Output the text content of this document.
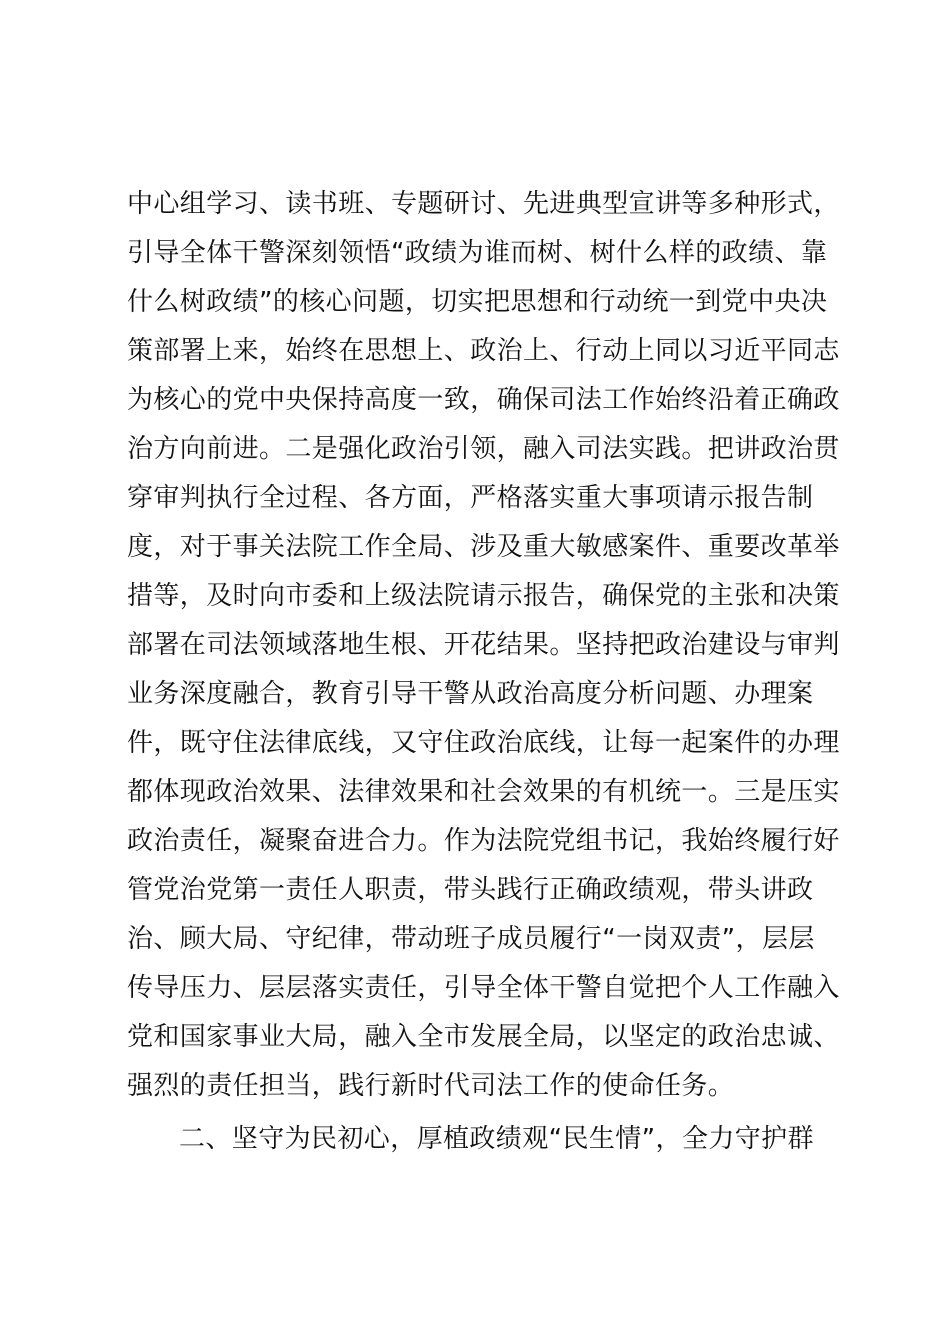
中心组学习、读书班、专题研讨、先进典型宣讲等多种形式，
引导全体干警深刻领悟“政绩为谁而树、树什么样的政绩、靠
什么树政绩”的核心问题，切实把思想和行动统一到党中央决
策部署上来，始终在思想上、政治上、行动上同以习近平同志
为核心的党中央保持高度一致，确保司法工作始终沿着正确政
治方向前进。二是强化政治引领，融入司法实践。把讲政治贯
穿审判执行全过程、各方面，严格落实重大事项请示报告制
度，对于事关法院工作全局、涉及重大敏感案件、重要改革举
措等，及时向市委和上级法院请示报告，确保党的主张和决策
部署在司法领域落地生根、开花结果。坚持把政治建设与审判
业务深度融合，教育引导干警从政治高度分析问题、办理案
件，既守住法律底线，又守住政治底线，让每一起案件的办理
都体现政治效果、法律效果和社会效果的有机统一。三是压实
政治责任，凝聚奋进合力。作为法院党组书记，我始终履行好
管党治党第一责任人职责，带头践行正确政绩观，带头讲政
治、顾大局、守纪律，带动班子成员履行“一岗双责”，层层
传导压力、层层落实责任，引导全体干警自觉把个人工作融入
党和国家事业大局，融入全市发展全局，以坚定的政治忠诚、
强烈的责任担当，践行新时代司法工作的使命任务。
二、坚守为民初心，厚植政绩观“民生情”，全力守护群
